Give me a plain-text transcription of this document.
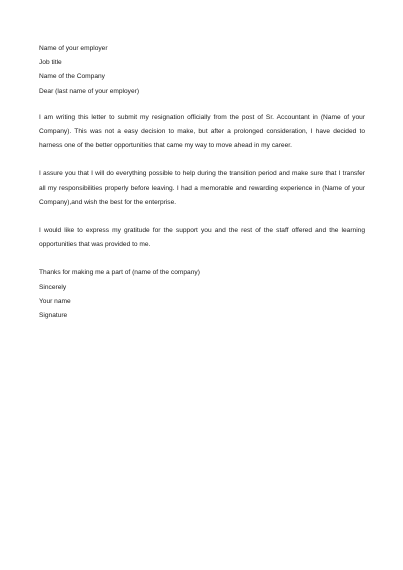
Name of your employer
Job title
Name of the Company
Dear (last name of your employer)

I am writing this letter to submit my resignation officially from the post of Sr. Accountant in (Name of your Company). This was not a easy decision to make, but after a prolonged consideration, I have decided to harness one of the better opportunities that came my way to move ahead in my career.

I assure you that I will do everything possible to help during the transition period and make sure that I transfer all my responsibilities properly before leaving. I had a memorable and rewarding experience in (Name of your Company),and wish the best for the enterprise.

I would like to express my gratitude for the support you and the rest of the staff offered and the learning opportunities that was provided to me.

Thanks for making me a part of (name of the company)
Sincerely
Your name
Signature
